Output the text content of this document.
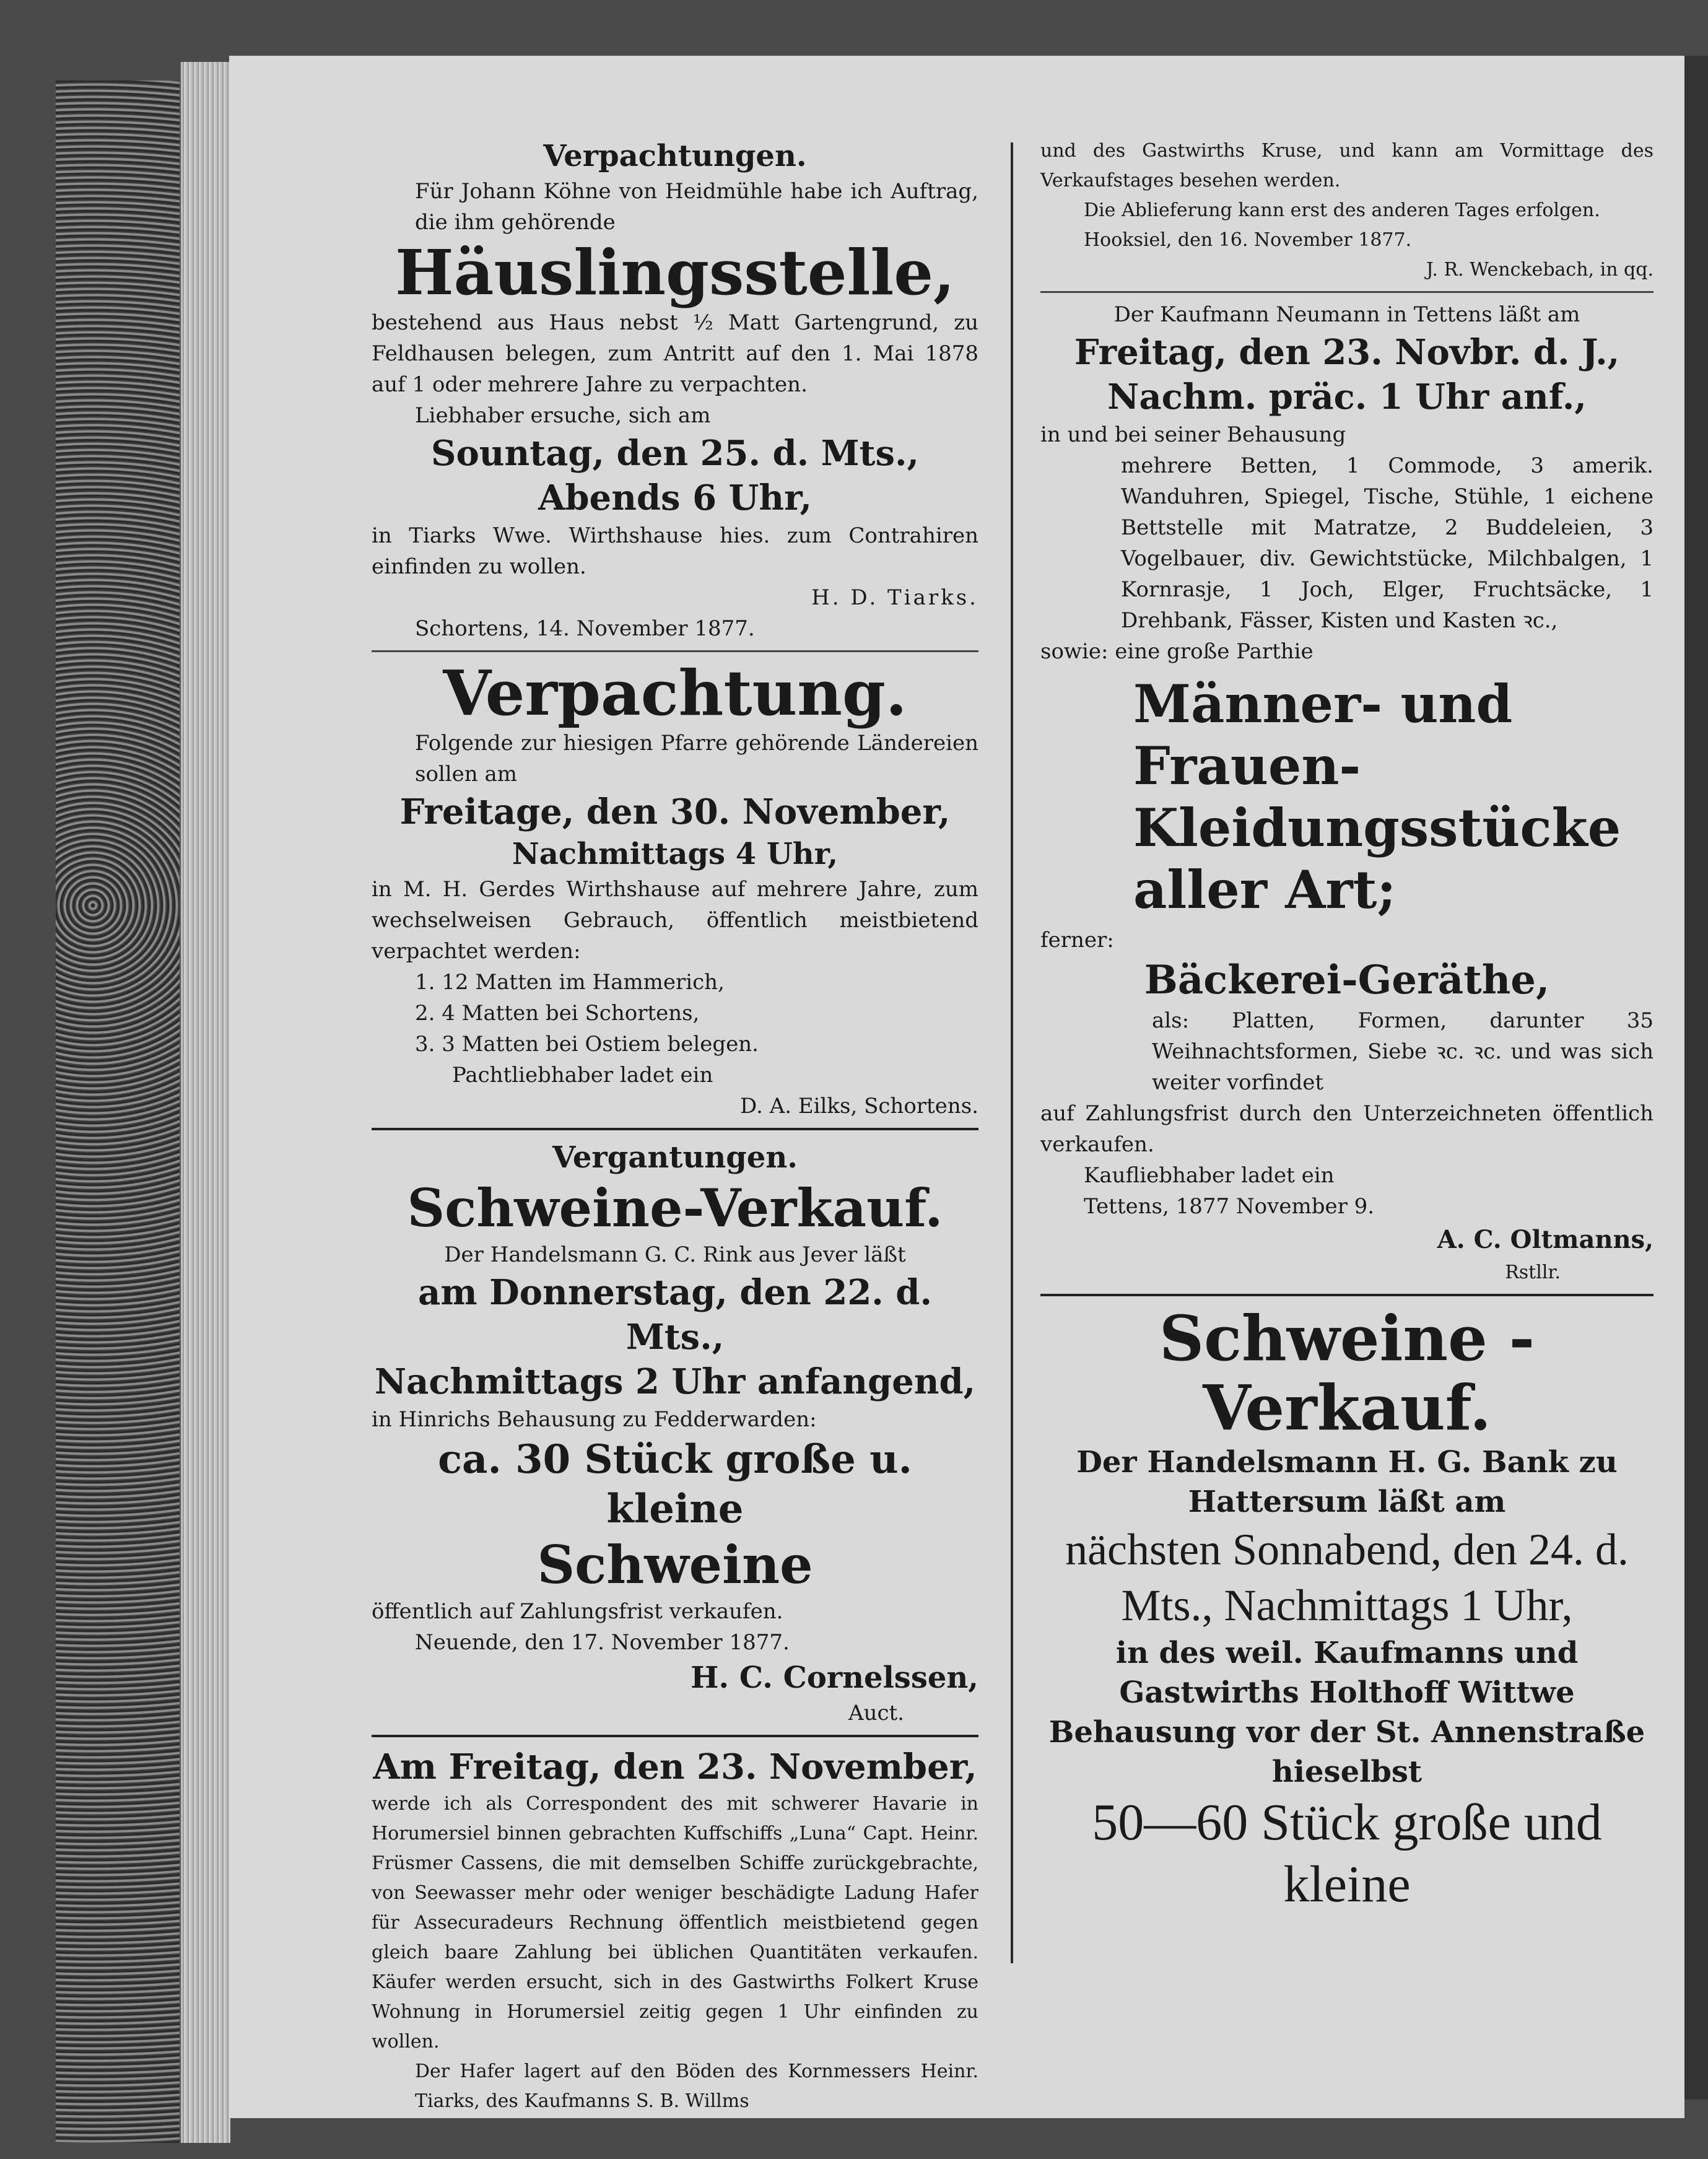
Verpachtungen.

Für Johann Köhne von Heidmühle habe ich Auftrag, die ihm gehörende

Häuslingsstelle,

bestehend aus Haus nebst ½ Matt Gartengrund, zu Feldhausen belegen, zum Antritt auf den 1. Mai 1878 auf 1 oder mehrere Jahre zu verpachten.

Liebhaber ersuche, sich am

Sountag, den 25. d. Mts.,

Abends 6 Uhr,

in Tiarks Wwe. Wirthshause hies. zum Contrahiren einfinden zu wollen.

H. D. Tiarks.

Schortens, 14. November 1877.

Verpachtung.

Folgende zur hiesigen Pfarre gehörende Ländereien sollen am

Freitage, den 30. November,

Nachmittags 4 Uhr,

in M. H. Gerdes Wirthshause auf mehrere Jahre, zum wechselweisen Gebrauch, öffentlich meistbietend verpachtet werden:

1. 12 Matten im Hammerich,

2. 4 Matten bei Schortens,

3. 3 Matten bei Ostiem belegen.

Pachtliebhaber ladet ein

D. A. Eilks, Schortens.

Vergantungen.

Schweine-Verkauf.

Der Handelsmann G. C. Rink aus Jever läßt

am Donnerstag, den 22. d. Mts.,

Nachmittags 2 Uhr anfangend,

in Hinrichs Behausung zu Fedderwarden:

ca. 30 Stück große u. kleine

Schweine

öffentlich auf Zahlungsfrist verkaufen.

Neuende, den 17. November 1877.

H. C. Cornelssen,

Auct.

Am Freitag, den 23. November,

werde ich als Correspondent des mit schwerer Havarie in Horumersiel binnen gebrachten Kuffschiffs „Luna“ Capt. Heinr. Früsmer Cassens, die mit demselben Schiffe zurückgebrachte, von Seewasser mehr oder weniger beschädigte Ladung Hafer für Assecuradeurs Rechnung öffentlich meistbietend gegen gleich baare Zahlung bei üblichen Quantitäten verkaufen. Käufer werden ersucht, sich in des Gastwirths Folkert Kruse Wohnung in Horumersiel zeitig gegen 1 Uhr einfinden zu wollen.

Der Hafer lagert auf den Böden des Kornmessers Heinr. Tiarks, des Kaufmanns S. B. Willms

und des Gastwirths Kruse, und kann am Vormittage des Verkaufstages besehen werden.

Die Ablieferung kann erst des anderen Tages erfolgen.

Hooksiel, den 16. November 1877.

J. R. Wenckebach, in qq.

Der Kaufmann Neumann in Tettens läßt am

Freitag, den 23. Novbr. d. J.,

Nachm. präc. 1 Uhr anf.,

in und bei seiner Behausung

mehrere Betten, 1 Commode, 3 amerik. Wanduhren, Spiegel, Tische, Stühle, 1 eichene Bettstelle mit Matratze, 2 Buddeleien, 3 Vogelbauer, div. Gewichtstücke, Milchbalgen, 1 Kornrasje, 1 Joch, Elger, Fruchtsäcke, 1 Drehbank, Fässer, Kisten und Kasten ꝛc.,

sowie: eine große Parthie

Männer- und Frauen-Kleidungsstücke aller Art;

ferner:

Bäckerei-Geräthe,

als: Platten, Formen, darunter 35 Weihnachtsformen, Siebe ꝛc. ꝛc. und was sich weiter vorfindet

auf Zahlungsfrist durch den Unterzeichneten öffentlich verkaufen.

Kaufliebhaber ladet ein

Tettens, 1877 November 9.

A. C. Oltmanns,

Rstllr.

Schweine - Verkauf.

Der Handelsmann H. G. Bank zu Hattersum läßt am

nächsten Sonnabend, den 24. d. Mts., Nachmittags 1 Uhr,

in des weil. Kaufmanns und Gastwirths Holthoff Wittwe Behausung vor der St. Annenstraße hieselbst

50—60 Stück große und kleine
